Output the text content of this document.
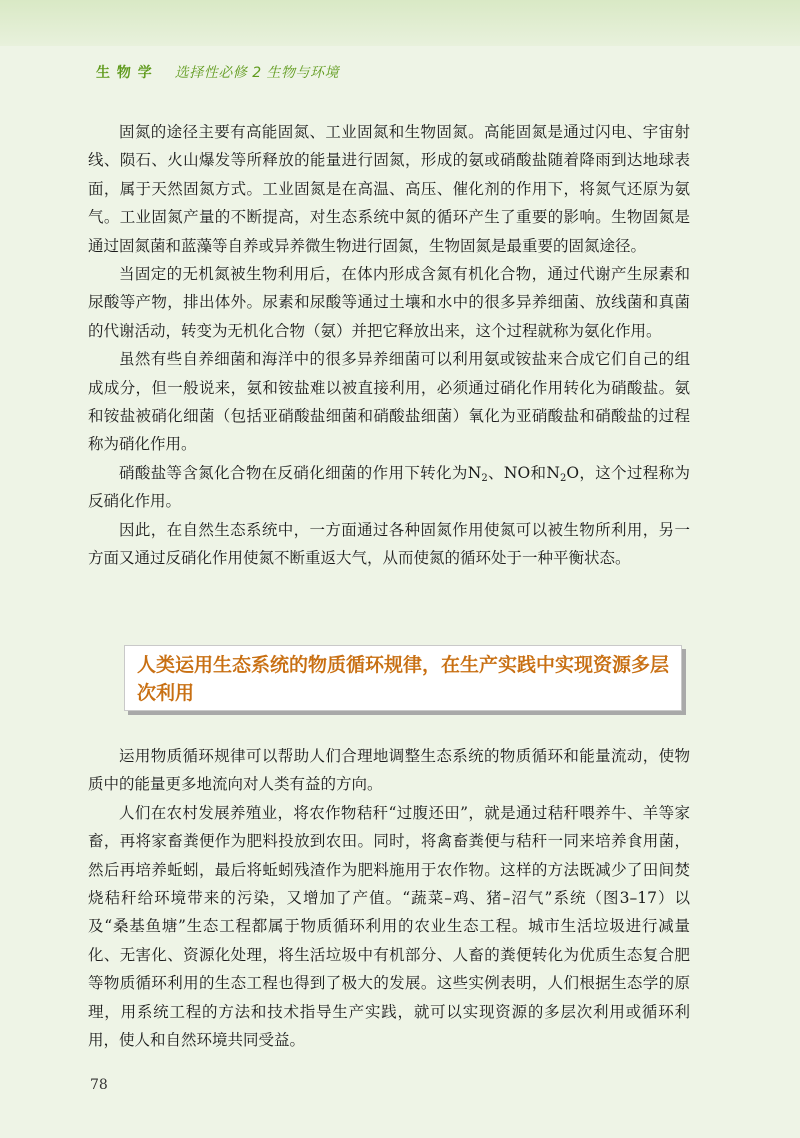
生 物 学 选择性必修 2 生物与环境

固氮的途径主要有高能固氮、工业固氮和生物固氮。高能固氮是通过闪电、宇宙射线、陨石、火山爆发等所释放的能量进行固氮，形成的氨或硝酸盐随着降雨到达地球表面，属于天然固氮方式。工业固氮是在高温、高压、催化剂的作用下，将氮气还原为氨气。工业固氮产量的不断提高，对生态系统中氮的循环产生了重要的影响。生物固氮是通过固氮菌和蓝藻等自养或异养微生物进行固氮，生物固氮是最重要的固氮途径。

当固定的无机氮被生物利用后，在体内形成含氮有机化合物，通过代谢产生尿素和尿酸等产物，排出体外。尿素和尿酸等通过土壤和水中的很多异养细菌、放线菌和真菌的代谢活动，转变为无机化合物（氨）并把它释放出来，这个过程就称为氨化作用。

虽然有些自养细菌和海洋中的很多异养细菌可以利用氨或铵盐来合成它们自己的组成成分，但一般说来，氨和铵盐难以被直接利用，必须通过硝化作用转化为硝酸盐。氨和铵盐被硝化细菌（包括亚硝酸盐细菌和硝酸盐细菌）氧化为亚硝酸盐和硝酸盐的过程称为硝化作用。

硝酸盐等含氮化合物在反硝化细菌的作用下转化为$N_2$、NO和$N_2O$，这个过程称为反硝化作用。

因此，在自然生态系统中，一方面通过各种固氮作用使氮可以被生物所利用，另一方面又通过反硝化作用使氮不断重返大气，从而使氮的循环处于一种平衡状态。

人类运用生态系统的物质循环规律，在生产实践中实现资源多层次利用

运用物质循环规律可以帮助人们合理地调整生态系统的物质循环和能量流动，使物质中的能量更多地流向对人类有益的方向。

人们在农村发展养殖业，将农作物秸秆“过腹还田”，就是通过秸秆喂养牛、羊等家畜，再将家畜粪便作为肥料投放到农田。同时，将禽畜粪便与秸秆一同来培养食用菌，然后再培养蚯蚓，最后将蚯蚓残渣作为肥料施用于农作物。这样的方法既减少了田间焚烧秸秆给环境带来的污染，又增加了产值。“蔬菜–鸡、猪–沼气”系统（图3–17）以及“桑基鱼塘”生态工程都属于物质循环利用的农业生态工程。城市生活垃圾进行减量化、无害化、资源化处理，将生活垃圾中有机部分、人畜的粪便转化为优质生态复合肥等物质循环利用的生态工程也得到了极大的发展。这些实例表明，人们根据生态学的原理，用系统工程的方法和技术指导生产实践，就可以实现资源的多层次利用或循环利用，使人和自然环境共同受益。

78
